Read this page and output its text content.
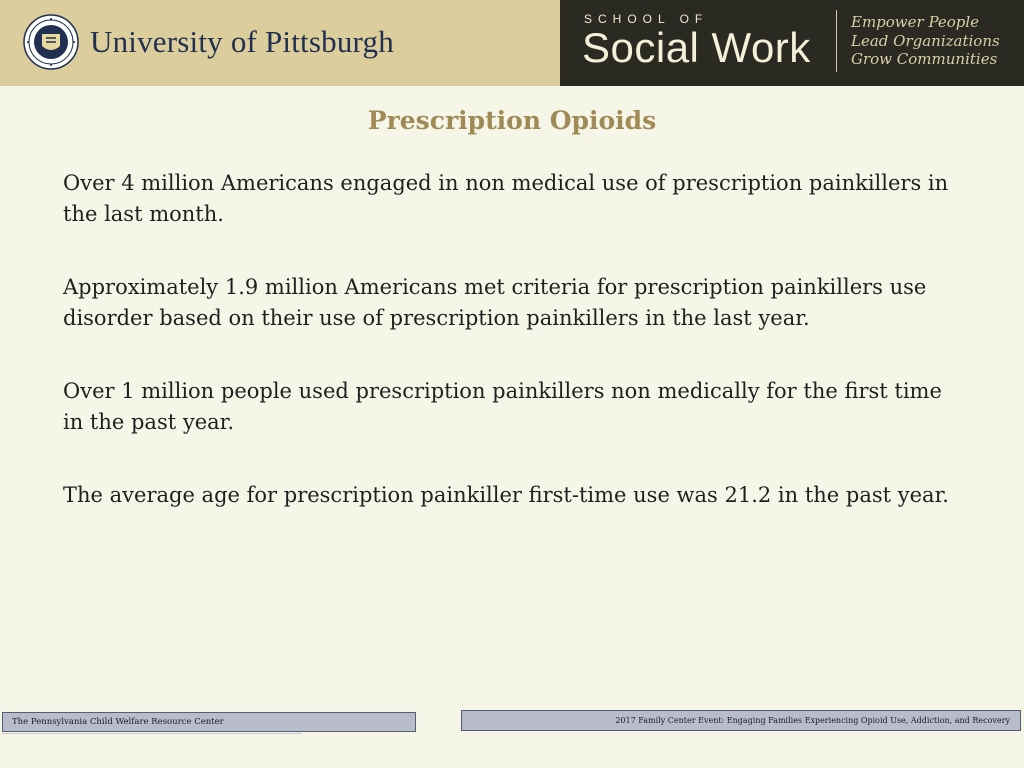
University of Pittsburgh
SCHOOL OF
Social Work
Empower People
Lead Organizations
Grow Communities
Prescription Opioids

Over 4 million Americans engaged in non medical use of prescription painkillers in the last month.

Approximately 1.9 million Americans met criteria for prescription painkillers use disorder based on their use of prescription painkillers in the last year.

Over 1 million people used prescription painkillers non medically for the first time in the past year.

The average age for prescription painkiller first-time use was 21.2 in the past year.

The Pennsylvania Child Welfare Resource Center	2017 Family Center Event: Engaging Families Experiencing Opioid Use, Addiction, and Recovery
